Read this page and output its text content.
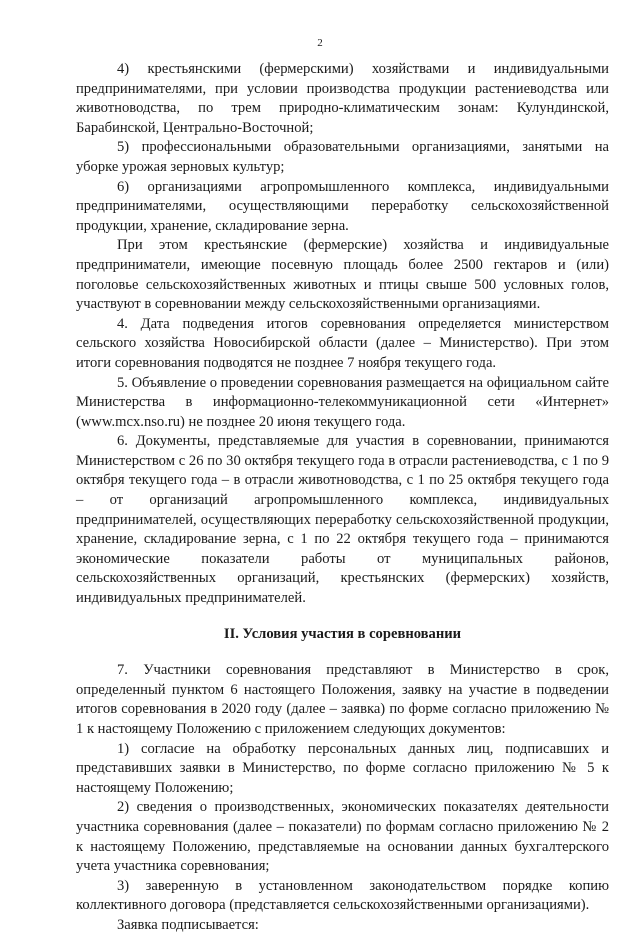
2

4) крестьянскими (фермерскими) хозяйствами и индивидуальными предпринимателями, при условии производства продукции растениеводства или животноводства, по трем природно-климатическим зонам: Кулундинской, Барабинской, Центрально-Восточной;

5) профессиональными образовательными организациями, занятыми на уборке урожая зерновых культур;

6) организациями агропромышленного комплекса, индивидуальными предпринимателями, осуществляющими переработку сельскохозяйственной продукции, хранение, складирование зерна.

При этом крестьянские (фермерские) хозяйства и индивидуальные предприниматели, имеющие посевную площадь более 2500 гектаров и (или) поголовье сельскохозяйственных животных и птицы свыше 500 условных голов, участвуют в соревновании между сельскохозяйственными организациями.

4. Дата подведения итогов соревнования определяется министерством сельского хозяйства Новосибирской области (далее – Министерство). При этом итоги соревнования подводятся не позднее 7 ноября текущего года.

5. Объявление о проведении соревнования размещается на официальном сайте Министерства в информационно-телекоммуникационной сети «Интернет» (www.mcx.nso.ru) не позднее 20 июня текущего года.

6. Документы, представляемые для участия в соревновании, принимаются Министерством с 26 по 30 октября текущего года в отрасли растениеводства, с 1 по 9 октября текущего года – в отрасли животноводства, с 1 по 25 октября текущего года – от организаций агропромышленного комплекса, индивидуальных предпринимателей, осуществляющих переработку сельскохозяйственной продукции, хранение, складирование зерна, с 1 по 22 октября текущего года – принимаются экономические показатели работы от муниципальных районов, сельскохозяйственных организаций, крестьянских (фермерских) хозяйств, индивидуальных предпринимателей.

II. Условия участия в соревновании

7. Участники соревнования представляют в Министерство в срок, определенный пунктом 6 настоящего Положения, заявку на участие в подведении итогов соревнования в 2020 году (далее – заявка) по форме согласно приложению № 1 к настоящему Положению с приложением следующих документов:

1) согласие на обработку персональных данных лиц, подписавших и представивших заявки в Министерство, по форме согласно приложению № 5 к настоящему Положению;

2) сведения о производственных, экономических показателях деятельности участника соревнования (далее – показатели) по формам согласно приложению № 2 к настоящему Положению, представляемые на основании данных бухгалтерского учета участника соревнования;

3) заверенную в установленном законодательством порядке копию коллективного договора (представляется сельскохозяйственными организациями).

Заявка подписывается:
